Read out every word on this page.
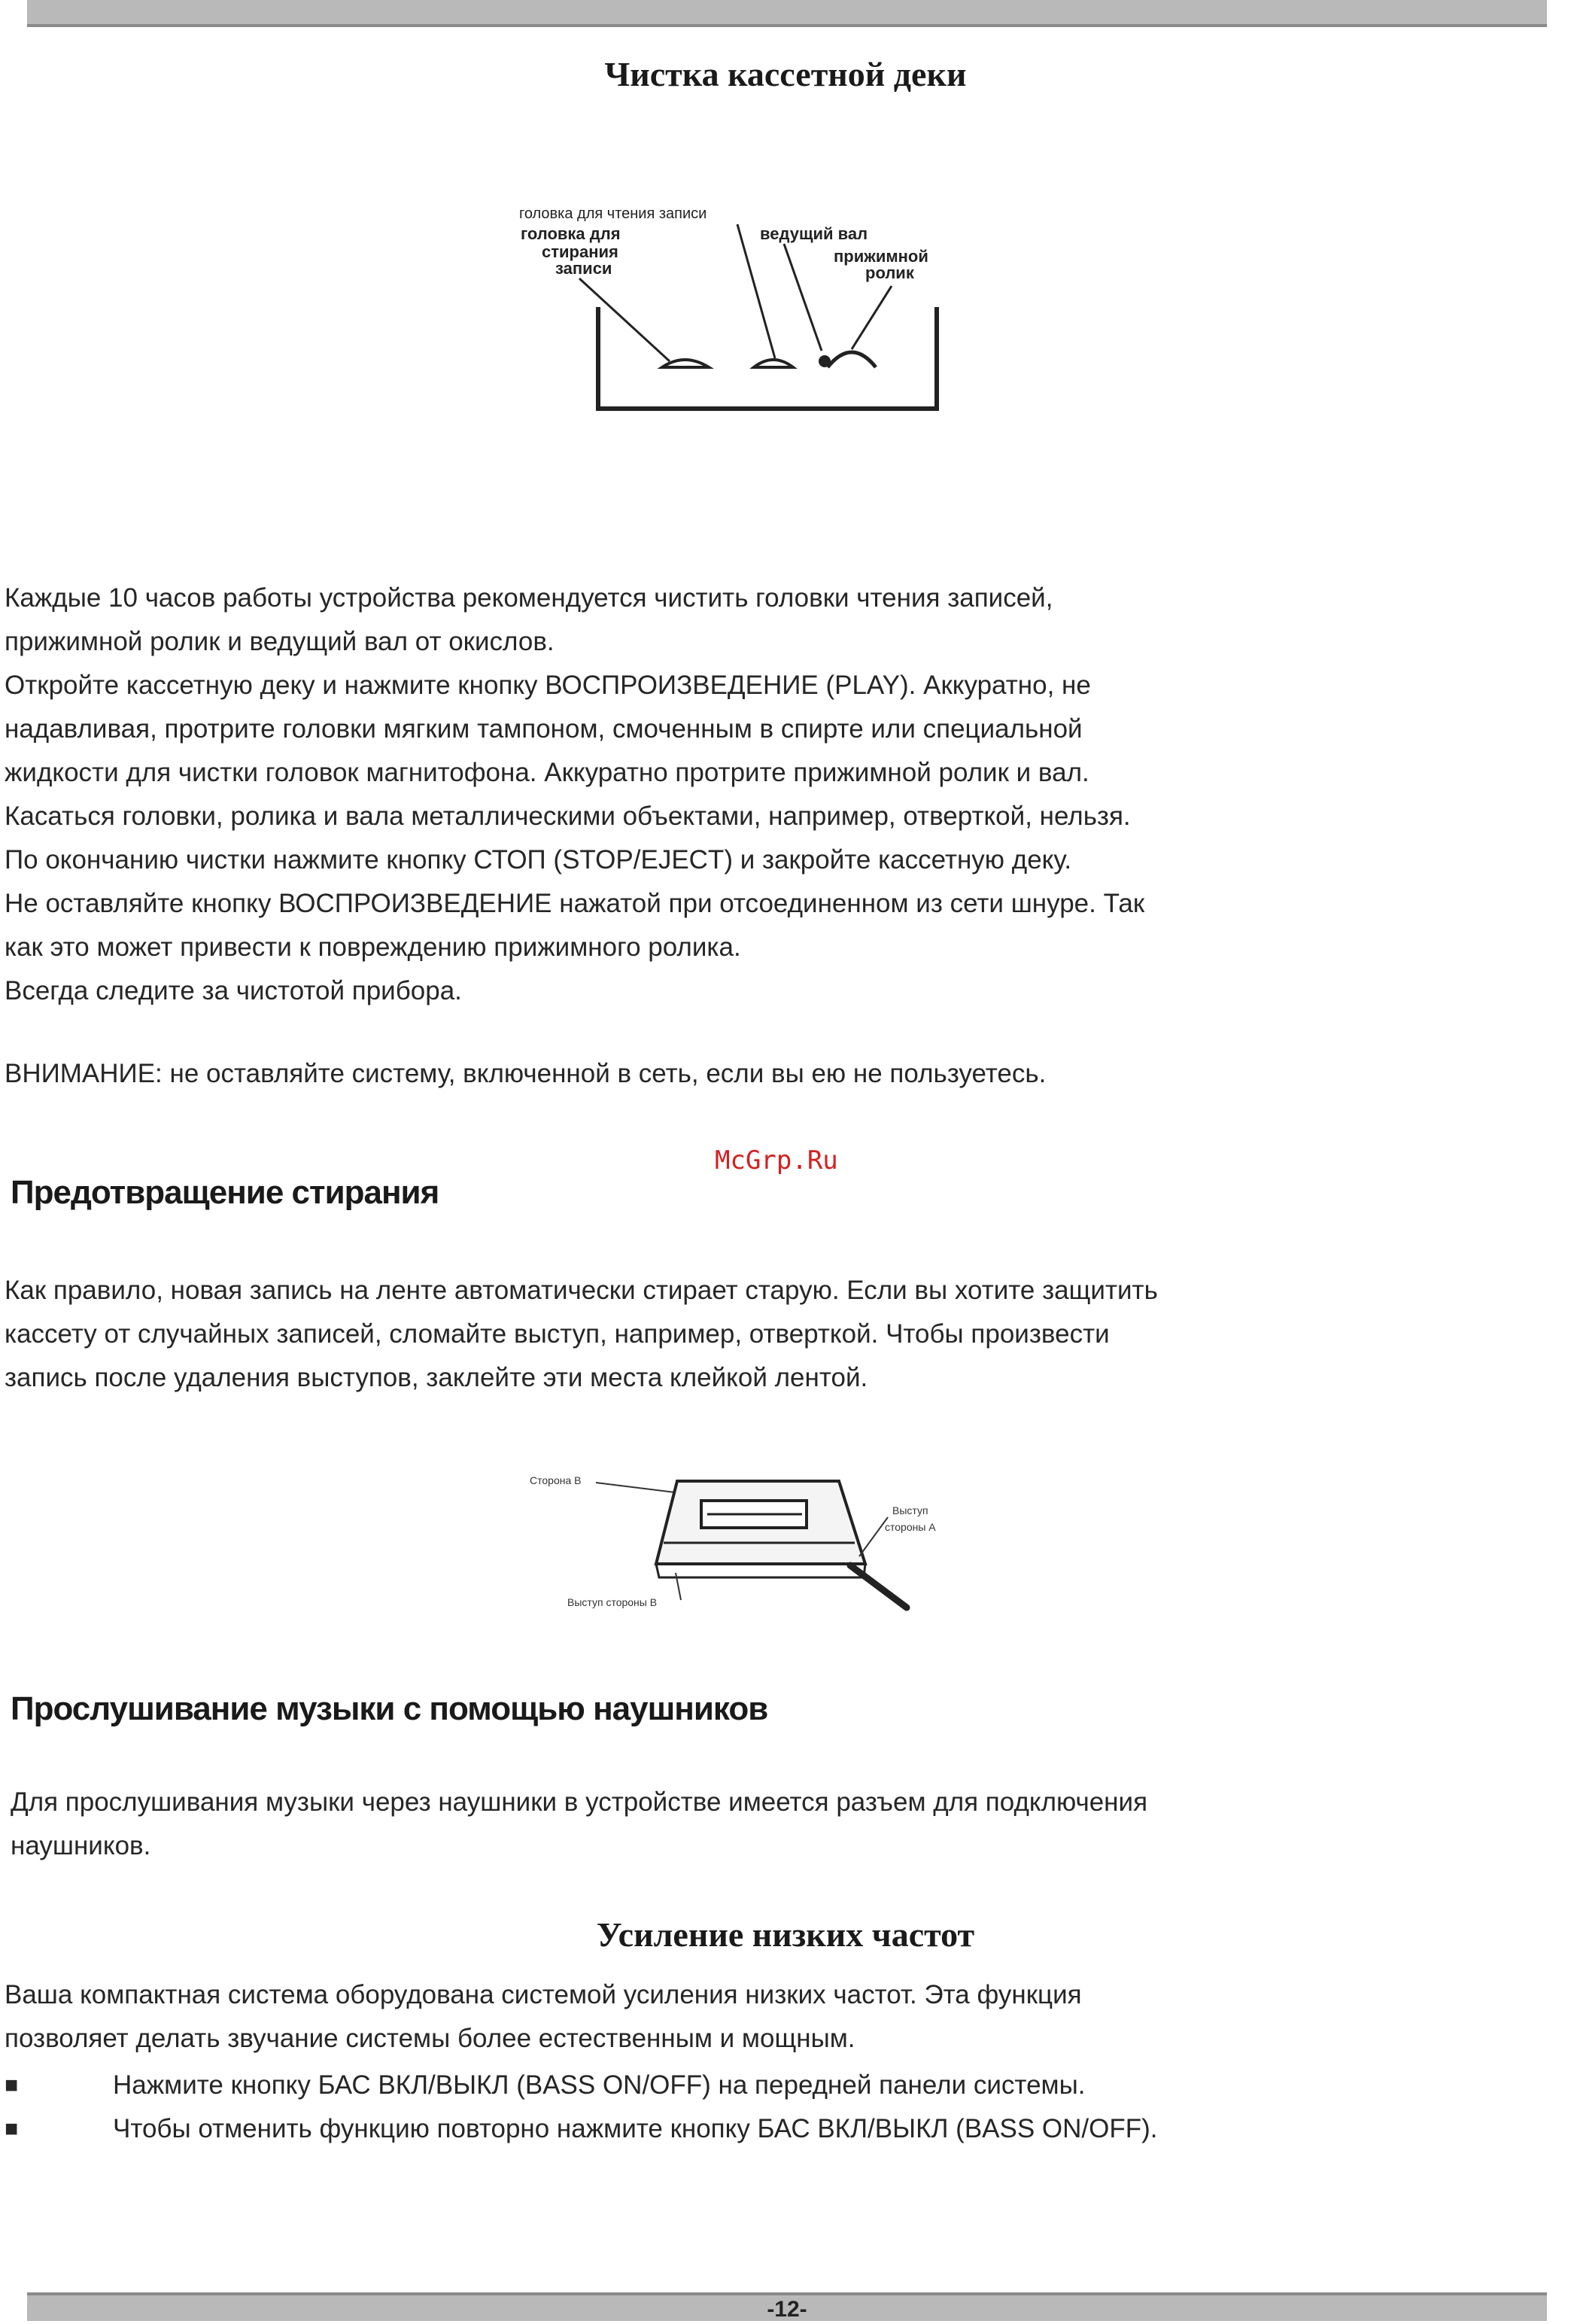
Чистка кассетной деки
головка для чтения записи
головка для
стирания
записи
ведущий вал
прижимной
ролик

Каждые 10 часов работы устройства рекомендуется чистить головки чтения записей,

прижимной ролик и ведущий вал от окислов.

Откройте кассетную деку и нажмите кнопку ВОСПРОИЗВЕДЕНИЕ (PLAY). Аккуратно, не

надавливая, протрите головки мягким тампоном, смоченным в спирте или специальной

жидкости для чистки головок магнитофона. Аккуратно протрите прижимной ролик и вал.

Касаться головки, ролика и вала металлическими объектами, например, отверткой, нельзя.

По окончанию чистки нажмите кнопку СТОП (STOP/EJECT) и закройте кассетную деку.

Не оставляйте кнопку ВОСПРОИЗВЕДЕНИЕ нажатой при отсоединенном из сети шнуре. Так

как это может привести к повреждению прижимного ролика.

Всегда следите за чистотой прибора.

ВНИМАНИЕ: не оставляйте систему, включенной в сеть, если вы ею не пользуетесь.

McGrp.Ru
Предотвращение стирания

Как правило, новая запись на ленте автоматически стирает старую. Если вы хотите защитить

кассету от случайных записей, сломайте выступ, например, отверткой. Чтобы произвести

запись после удаления выступов, заклейте эти места клейкой лентой.

Сторона В
Выступ
стороны А
Выступ стороны В
Прослушивание музыки с помощью наушников

Для прослушивания музыки через наушники в устройстве имеется разъем для подключения

наушников.

Усиление низких частот

Ваша компактная система оборудована системой усиления низких частот. Эта функция

позволяет делать звучание системы более естественным и мощным.

■	Нажмите кнопку БАС ВКЛ/ВЫКЛ (BASS ON/OFF) на передней панели системы.
■	Чтобы отменить функцию повторно нажмите кнопку БАС ВКЛ/ВЫКЛ (BASS ON/OFF).
-12-
